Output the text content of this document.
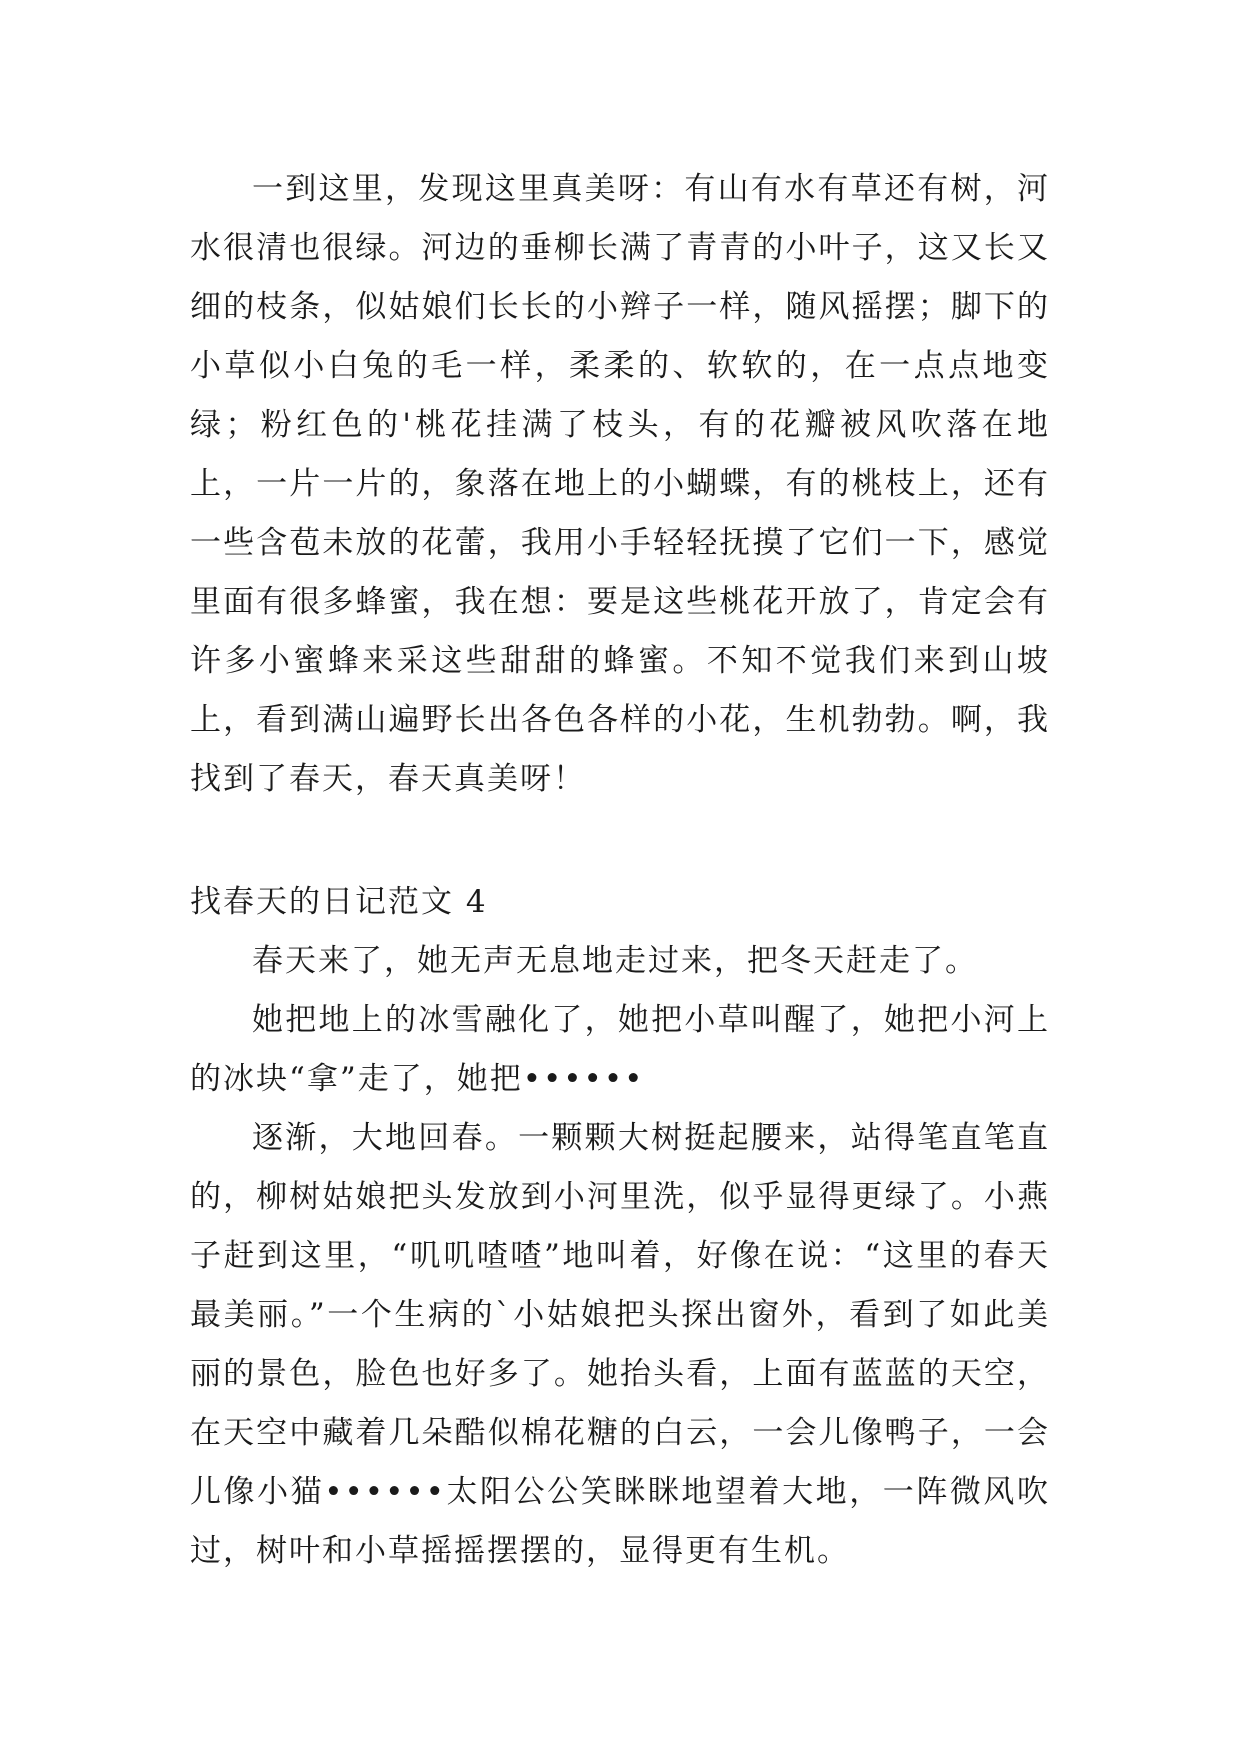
一到这里，发现这里真美呀：有山有水有草还有树，河水很清也很绿。河边的垂柳长满了青青的小叶子，这又长又细的枝条，似姑娘们长长的小辫子一样，随风摇摆；脚下的小草似小白兔的毛一样，柔柔的、软软的，在一点点地变绿；粉红色的'桃花挂满了枝头，有的花瓣被风吹落在地上，一片一片的，象落在地上的小蝴蝶，有的桃枝上，还有一些含苞未放的花蕾，我用小手轻轻抚摸了它们一下，感觉里面有很多蜂蜜，我在想：要是这些桃花开放了，肯定会有许多小蜜蜂来采这些甜甜的蜂蜜。不知不觉我们来到山坡上，看到满山遍野长出各色各样的小花，生机勃勃。啊，我找到了春天，春天真美呀！

找春天的日记范文 4

春天来了，她无声无息地走过来，把冬天赶走了。

她把地上的冰雪融化了，她把小草叫醒了，她把小河上的冰块“拿”走了，她把••••••

逐渐，大地回春。一颗颗大树挺起腰来，站得笔直笔直的，柳树姑娘把头发放到小河里洗，似乎显得更绿了。小燕子赶到这里，“叽叽喳喳”地叫着，好像在说：“这里的春天最美丽。”一个生病的`小姑娘把头探出窗外，看到了如此美丽的景色，脸色也好多了。她抬头看，上面有蓝蓝的天空，在天空中藏着几朵酷似棉花糖的白云，一会儿像鸭子，一会儿像小猫••••••太阳公公笑眯眯地望着大地，一阵微风吹过，树叶和小草摇摇摆摆的，显得更有生机。
